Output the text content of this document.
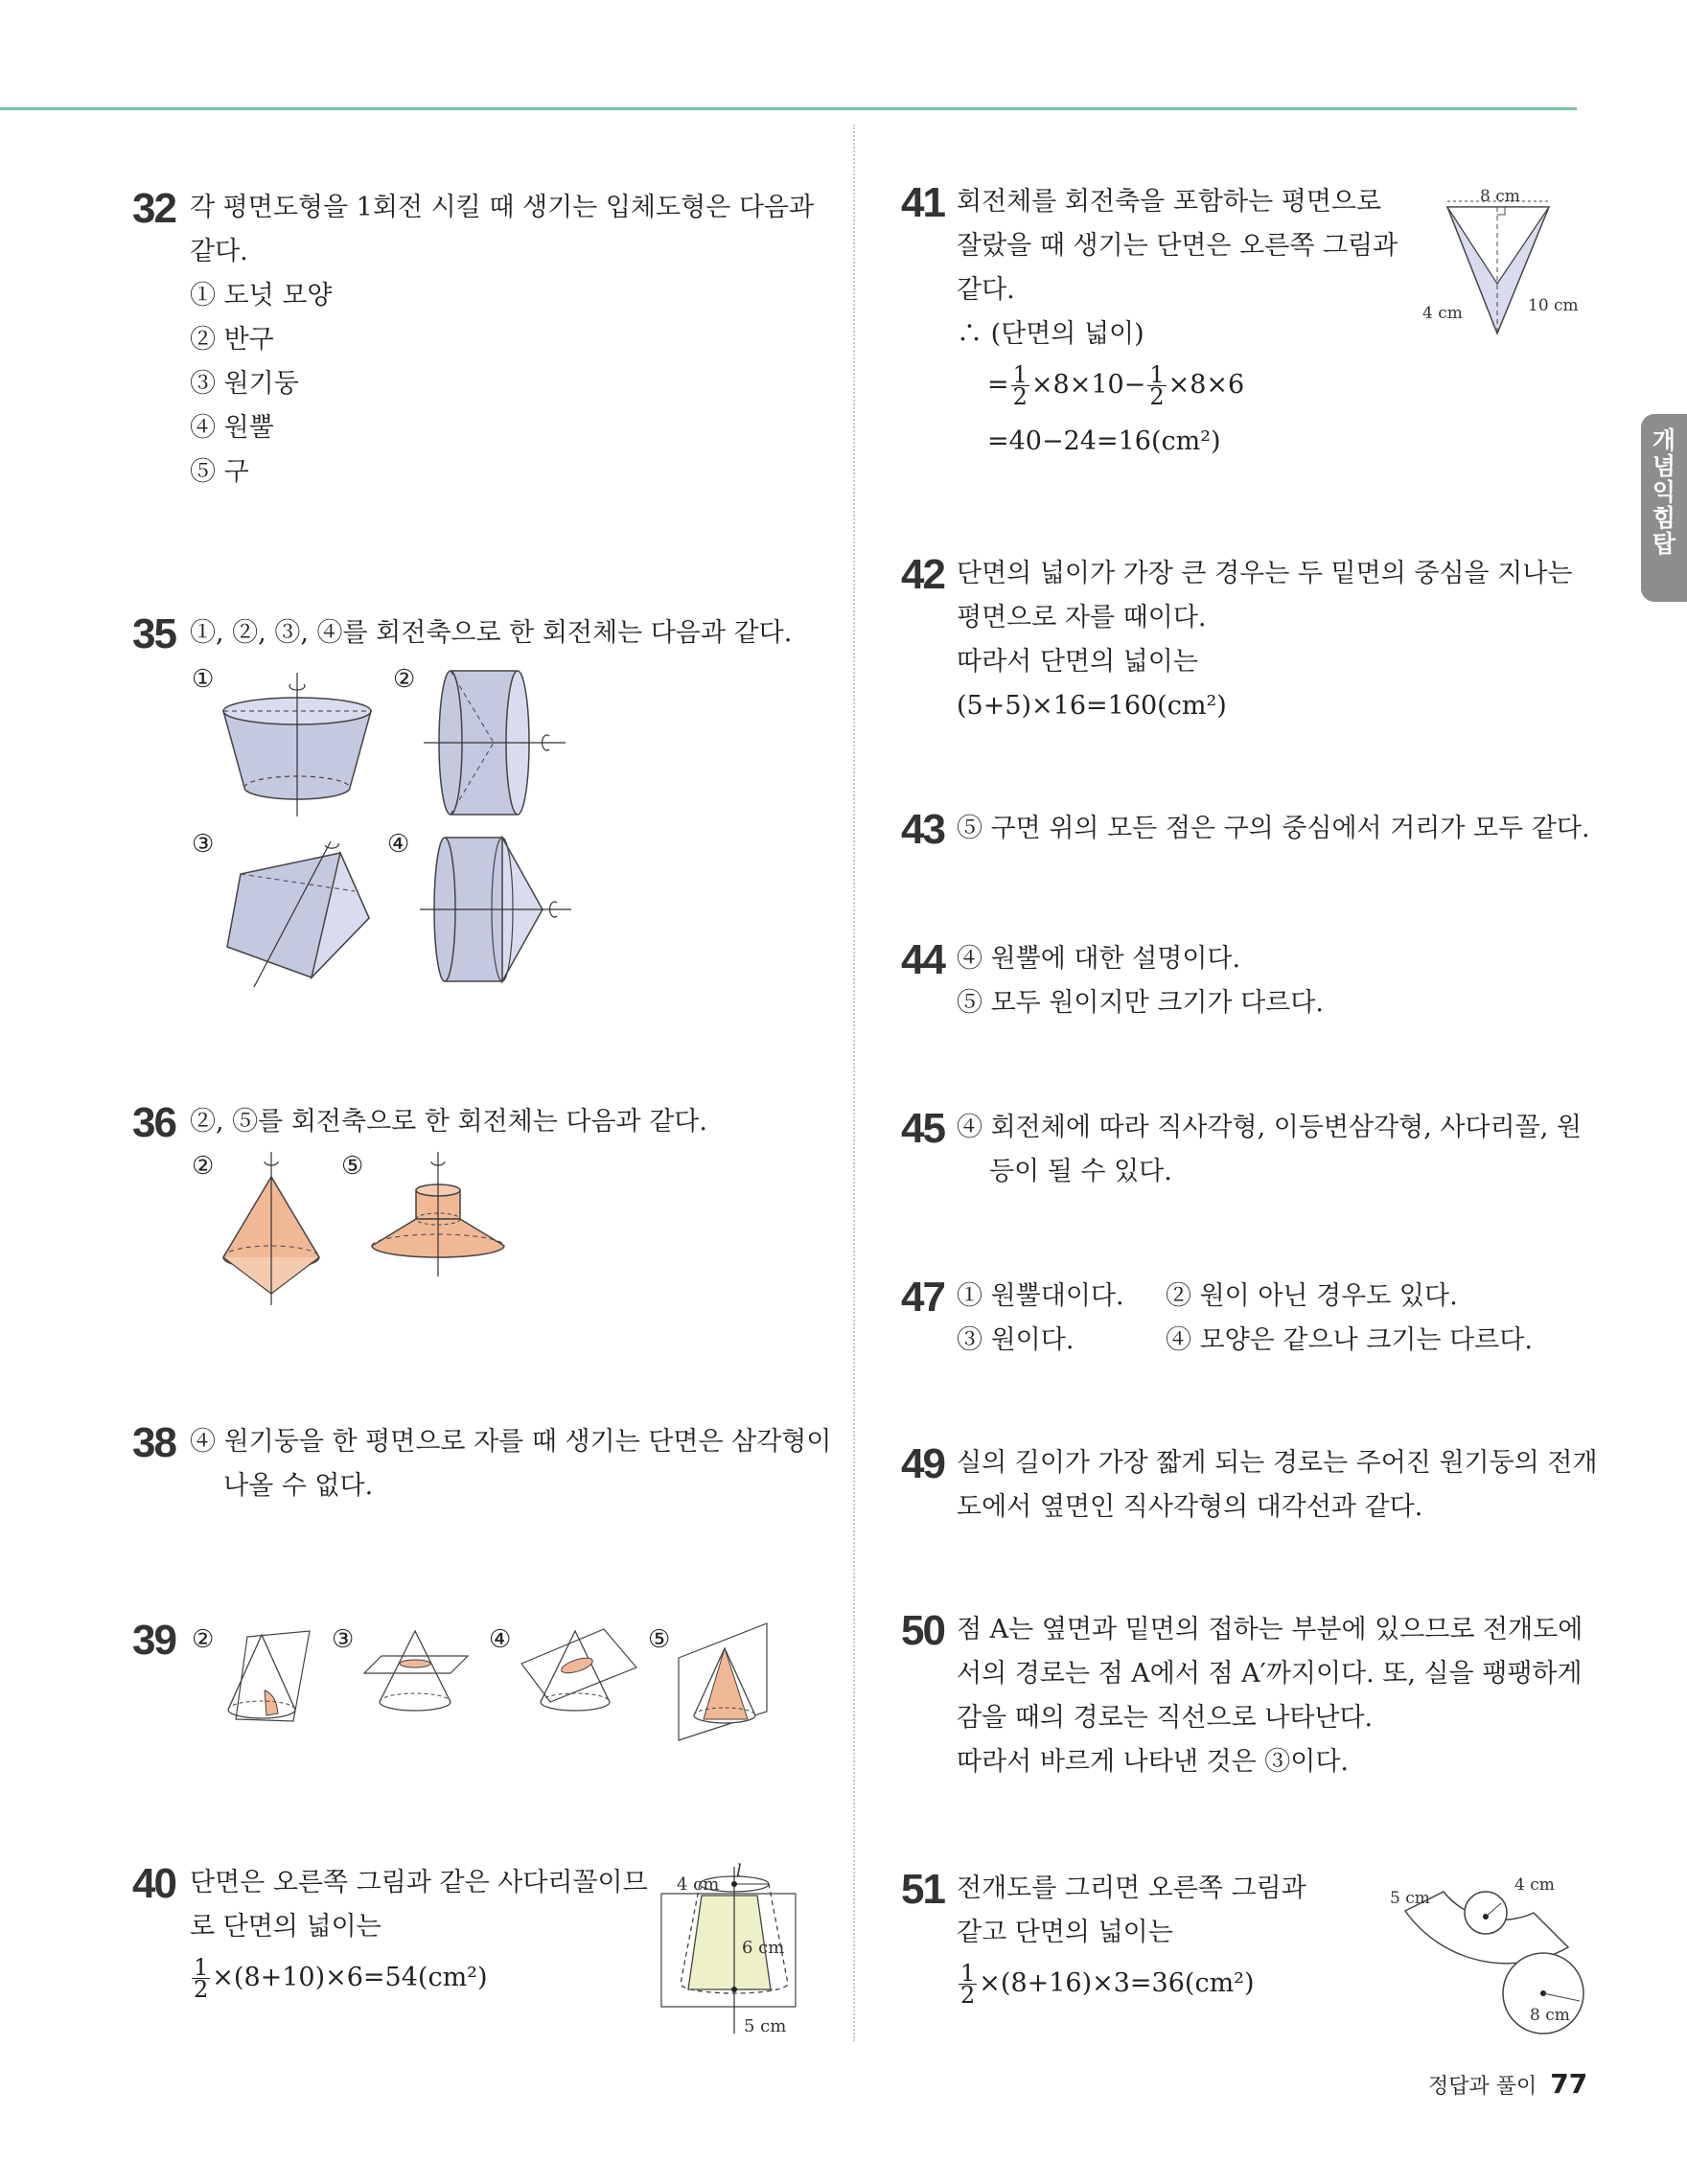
개념익힘탑
32 각 평면도형을 1회전 시킬 때 생기는 입체도형은 다음과
같다.
① 도넛 모양
② 반구
③ 원기둥
④ 원뿔
⑤ 구
35 ①, ②, ③, ④를 회전축으로 한 회전체는 다음과 같다.
①	②
③	④
36 ②, ⑤를 회전축으로 한 회전체는 다음과 같다.
②	⑤
38 ④ 원기둥을 한 평면으로 자를 때 생기는 단면은 삼각형이
나올 수 없다.
39 ②	③	④	⑤
40 단면은 오른쪽 그림과 같은 사다리꼴이므
로 단면의 넓이는
$\frac{1}{2} \times(8+10)\times 6=54(cm^2)$
l
4 cm
6 cm
5 cm
41 회전체를 회전축을 포함하는 평면으로
잘랐을 때 생기는 단면은 오른쪽 그림과
같다.
∴ (단면의 넓이)
= $\frac{1}{2} \times 8\times 10- \frac{1}{2} \times 8\times 6$
=40−24=16(cm²)
8 cm
4 cm	10 cm
42 단면의 넓이가 가장 큰 경우는 두 밑면의 중심을 지나는
평면으로 자를 때이다.
따라서 단면의 넓이는
(5+5)×16=160(cm²)
43 ⑤ 구면 위의 모든 점은 구의 중심에서 거리가 모두 같다.
44 ④ 원뿔에 대한 설명이다.
⑤ 모두 원이지만 크기가 다르다.
45 ④ 회전체에 따라 직사각형, 이등변삼각형, 사다리꼴, 원
등이 될 수 있다.
47 ① 원뿔대이다. ② 원이 아닌 경우도 있다.
③ 원이다.	④ 모양은 같으나 크기는 다르다.
49 실의 길이가 가장 짧게 되는 경로는 주어진 원기둥의 전개
도에서 옆면인 직사각형의 대각선과 같다.
50 점 A는 옆면과 밑면의 접하는 부분에 있으므로 전개도에
서의 경로는 점 A에서 점 A′까지이다. 또, 실을 팽팽하게
감을 때의 경로는 직선으로 나타난다.
따라서 바르게 나타낸 것은 ③이다.
51 전개도를 그리면 오른쪽 그림과
같고 단면의 넓이는
$\frac{1}{2} \times(8+16)\times 3=36(cm^2)$
5 cm
4 cm
8 cm
정답과 풀이 77
